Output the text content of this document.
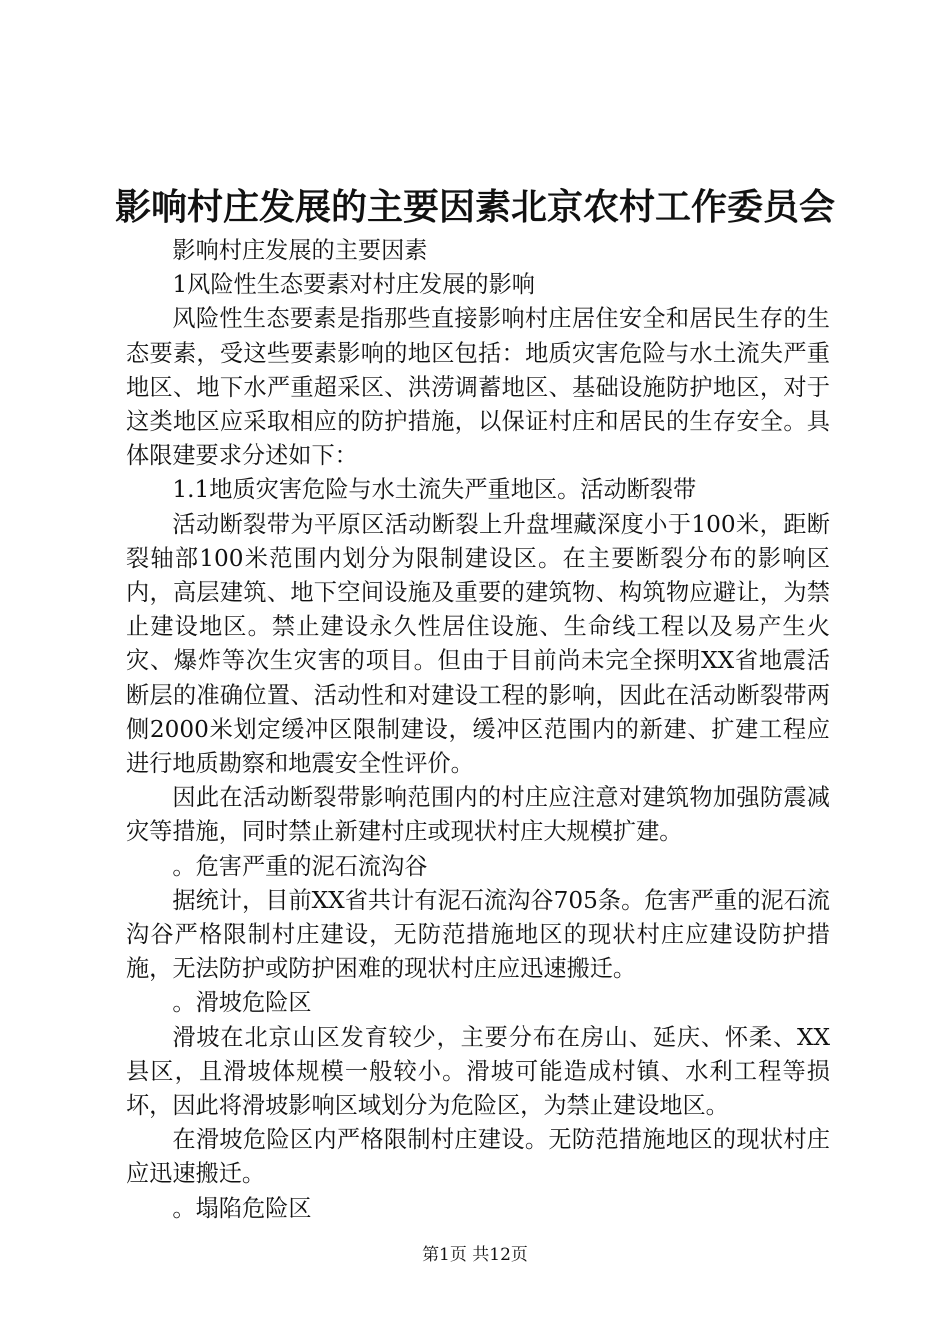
影响村庄发展的主要因素北京农村工作委员会

影响村庄发展的主要因素

1风险性生态要素对村庄发展的影响

风险性生态要素是指那些直接影响村庄居住安全和居民生存的生态要素，受这些要素影响的地区包括：地质灾害危险与水土流失严重地区、地下水严重超采区、洪涝调蓄地区、基础设施防护地区，对于这类地区应采取相应的防护措施，以保证村庄和居民的生存安全。具体限建要求分述如下：

1.1地质灾害危险与水土流失严重地区。活动断裂带

活动断裂带为平原区活动断裂上升盘埋藏深度小于100米，距断裂轴部100米范围内划分为限制建设区。在主要断裂分布的影响区内，高层建筑、地下空间设施及重要的建筑物、构筑物应避让，为禁止建设地区。禁止建设永久性居住设施、生命线工程以及易产生火灾、爆炸等次生灾害的项目。但由于目前尚未完全探明XX省地震活断层的准确位置、活动性和对建设工程的影响，因此在活动断裂带两侧2000米划定缓冲区限制建设，缓冲区范围内的新建、扩建工程应进行地质勘察和地震安全性评价。

因此在活动断裂带影响范围内的村庄应注意对建筑物加强防震减灾等措施，同时禁止新建村庄或现状村庄大规模扩建。

。危害严重的泥石流沟谷

据统计，目前XX省共计有泥石流沟谷705条。危害严重的泥石流沟谷严格限制村庄建设，无防范措施地区的现状村庄应建设防护措施，无法防护或防护困难的现状村庄应迅速搬迁。

。滑坡危险区

滑坡在北京山区发育较少，主要分布在房山、延庆、怀柔、XX县区，且滑坡体规模一般较小。滑坡可能造成村镇、水利工程等损坏，因此将滑坡影响区域划分为危险区，为禁止建设地区。

在滑坡危险区内严格限制村庄建设。无防范措施地区的现状村庄应迅速搬迁。

。塌陷危险区

第1页 共12页
